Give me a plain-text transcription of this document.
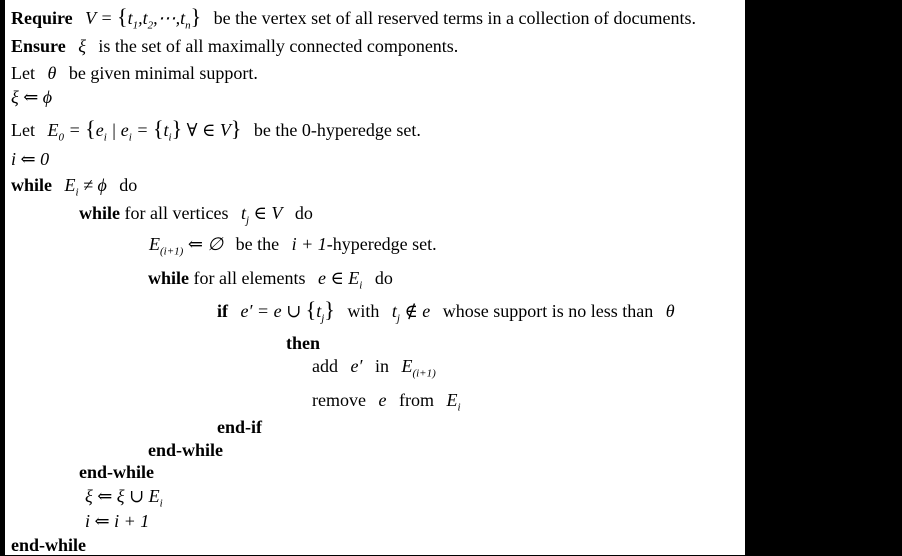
Require $V = \{t_1,t_2,\cdots,t_n\}$ be the vertex set of all reserved terms in a collection of documents.
Ensure ξ is the set of all maximally connected components.
Let θ be given minimal support.
ξ ⇐ ϕ
Let $E_0 = \{e_i$ | $e_i = \{t_i\}$ ∀ ∈ V} be the 0-hyperedge set.
i ⇐ 0
while $E_i \ne \phi$ do
while for all vertices $t_j$ ∈ V do
$E_{(i+1)}$ ⇐ ∅ be the i + 1-hyperedge set.
while for all elements e ∈ $E_i$ do
if e′ = e ∪ $\{t_j\}$ with $t_j$ ∉ e whose support is no less than θ
then
add e′ in $E_{(i+1)}$
remove e from $E_i$
end-if
end-while
end-while
ξ ⇐ ξ ∪ $E_i$
i ⇐ i + 1
end-while
